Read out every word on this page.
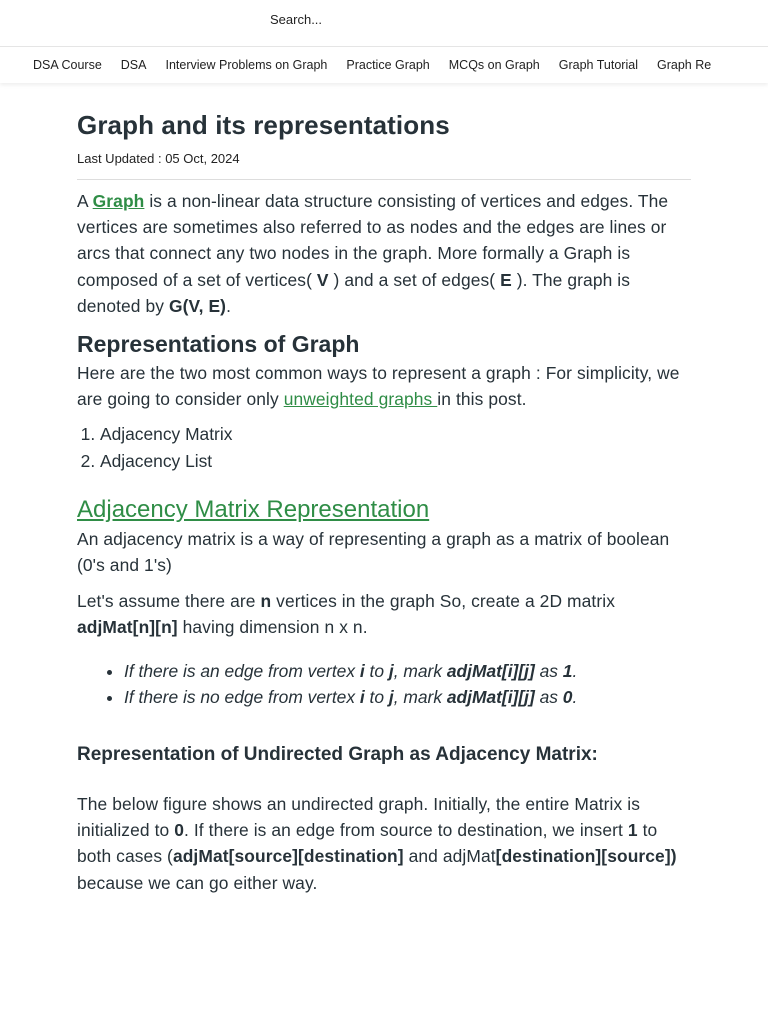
Search...
DSA Course DSA Interview Problems on Graph Practice Graph MCQs on Graph Graph Tutorial Graph Re
Graph and its representations
Last Updated : 05 Oct, 2024

A Graph is a non-linear data structure consisting of vertices and edges. The vertices are sometimes also referred to as nodes and the edges are lines or arcs that connect any two nodes in the graph. More formally a Graph is composed of a set of vertices( V ) and a set of edges( E ). The graph is denoted by G(V, E).

Representations of Graph

Here are the two most common ways to represent a graph : For simplicity, we are going to consider only unweighted graphs in this post.

1. Adjacency Matrix
2. Adjacency List
Adjacency Matrix Representation

An adjacency matrix is a way of representing a graph as a matrix of boolean (0's and 1's)

Let's assume there are n vertices in the graph So, create a 2D matrix adjMat[n][n] having dimension n x n.

• If there is an edge from vertex i to j, mark adjMat[i][j] as 1.
• If there is no edge from vertex i to j, mark adjMat[i][j] as 0.
Representation of Undirected Graph as Adjacency Matrix:

The below figure shows an undirected graph. Initially, the entire Matrix is initialized to 0. If there is an edge from source to destination, we insert 1 to both cases (adjMat[source][destination] and adjMat[destination][source]) because we can go either way.
